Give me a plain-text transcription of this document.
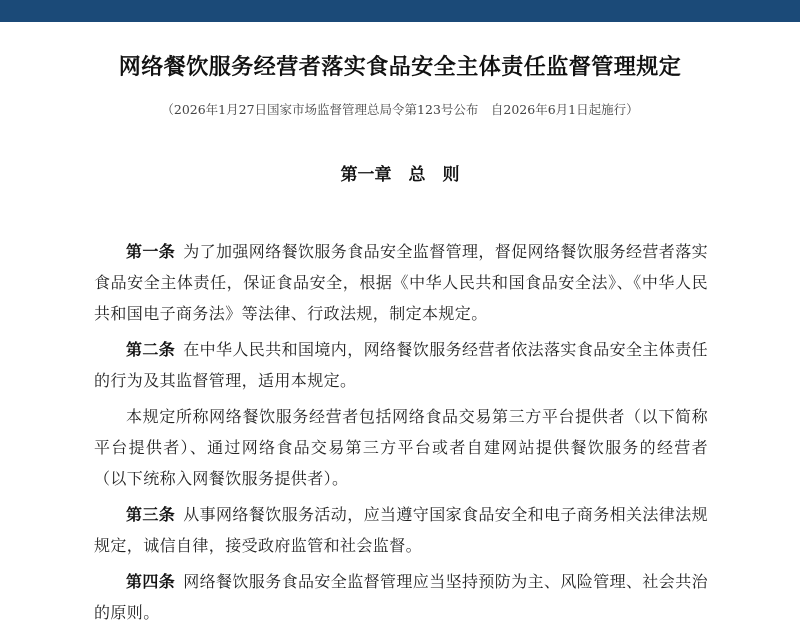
网络餐饮服务经营者落实食品安全主体责任监督管理规定
（2026年1月27日国家市场监督管理总局令第123号公布　自2026年6月1日起施行）
第一章　总　则

第一条 为了加强网络餐饮服务食品安全监督管理，督促网络餐饮服务经营者落实食品安全主体责任，保证食品安全，根据《中华人民共和国食品安全法》、《中华人民共和国电子商务法》等法律、行政法规，制定本规定。

第二条 在中华人民共和国境内，网络餐饮服务经营者依法落实食品安全主体责任的行为及其监督管理，适用本规定。

本规定所称网络餐饮服务经营者包括网络食品交易第三方平台提供者（以下简称平台提供者）、通过网络食品交易第三方平台或者自建网站提供餐饮服务的经营者（以下统称入网餐饮服务提供者）。

第三条 从事网络餐饮服务活动，应当遵守国家食品安全和电子商务相关法律法规规定，诚信自律，接受政府监管和社会监督。

第四条 网络餐饮服务食品安全监督管理应当坚持预防为主、风险管理、社会共治的原则。
